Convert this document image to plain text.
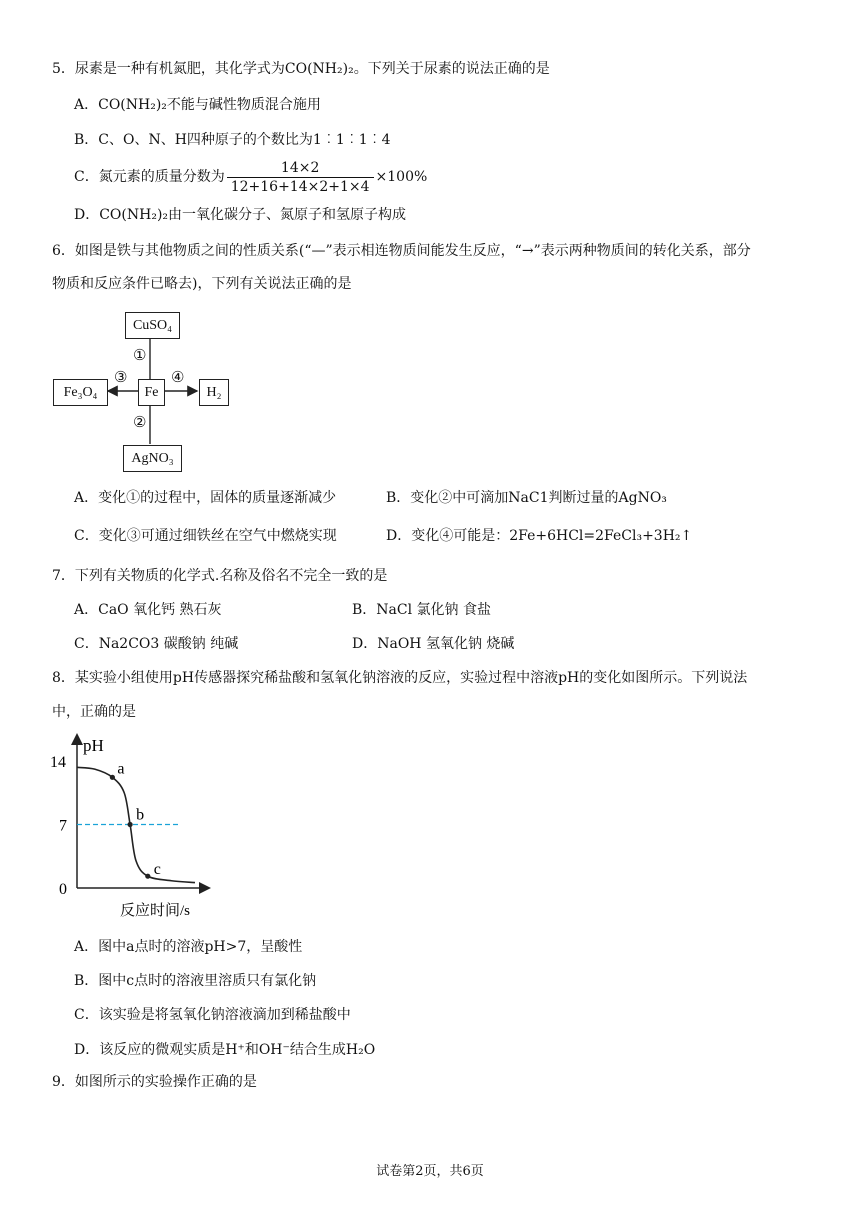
5．尿素是一种有机氮肥，其化学式为CO(NH₂)₂。下列关于尿素的说法正确的是
A．CO(NH₂)₂不能与碱性物质混合施用
B．C、O、N、H四种原子的个数比为1︰1︰1︰4
C．氮元素的质量分数为 $\frac{14\times 2}{12+16+14\times 2+1\times 4} \times 100\%$
D．CO(NH₂)₂由一氧化碳分子、氮原子和氢原子构成
6．如图是铁与其他物质之间的性质关系(“—”表示相连物质间能发生反应，“→”表示两种物质间的转化关系，部分
物质和反应条件已略去)，下列有关说法正确的是
CuSO₄
Fe
Fe₃O₄	H₂
AgNO₃
①
②
③	④
A．变化①的过程中，固体的质量逐渐减少	B．变化②中可滴加NaC1判断过量的AgNO₃
C．变化③可通过细铁丝在空气中燃烧实现	D．变化④可能是：2Fe+6HCl=2FeCl₃+3H₂↑
7．下列有关物质的化学式.名称及俗名不完全一致的是
A．CaO 氧化钙 熟石灰	B．NaCl 氯化钠 食盐
C．Na2CO3 碳酸钠 纯碱	D．NaOH 氢氧化钠 烧碱
8．某实验小组使用pH传感器探究稀盐酸和氢氧化钠溶液的反应，实验过程中溶液pH的变化如图所示。下列说法
中，正确的是
pH
反应时间/s
14
7
0
a
b
c
A．图中a点时的溶液pH>7，呈酸性
B．图中c点时的溶液里溶质只有氯化钠
C．该实验是将氢氧化钠溶液滴加到稀盐酸中
D．该反应的微观实质是H⁺和OH⁻结合生成H₂O
9．如图所示的实验操作正确的是
试卷第2页，共6页
